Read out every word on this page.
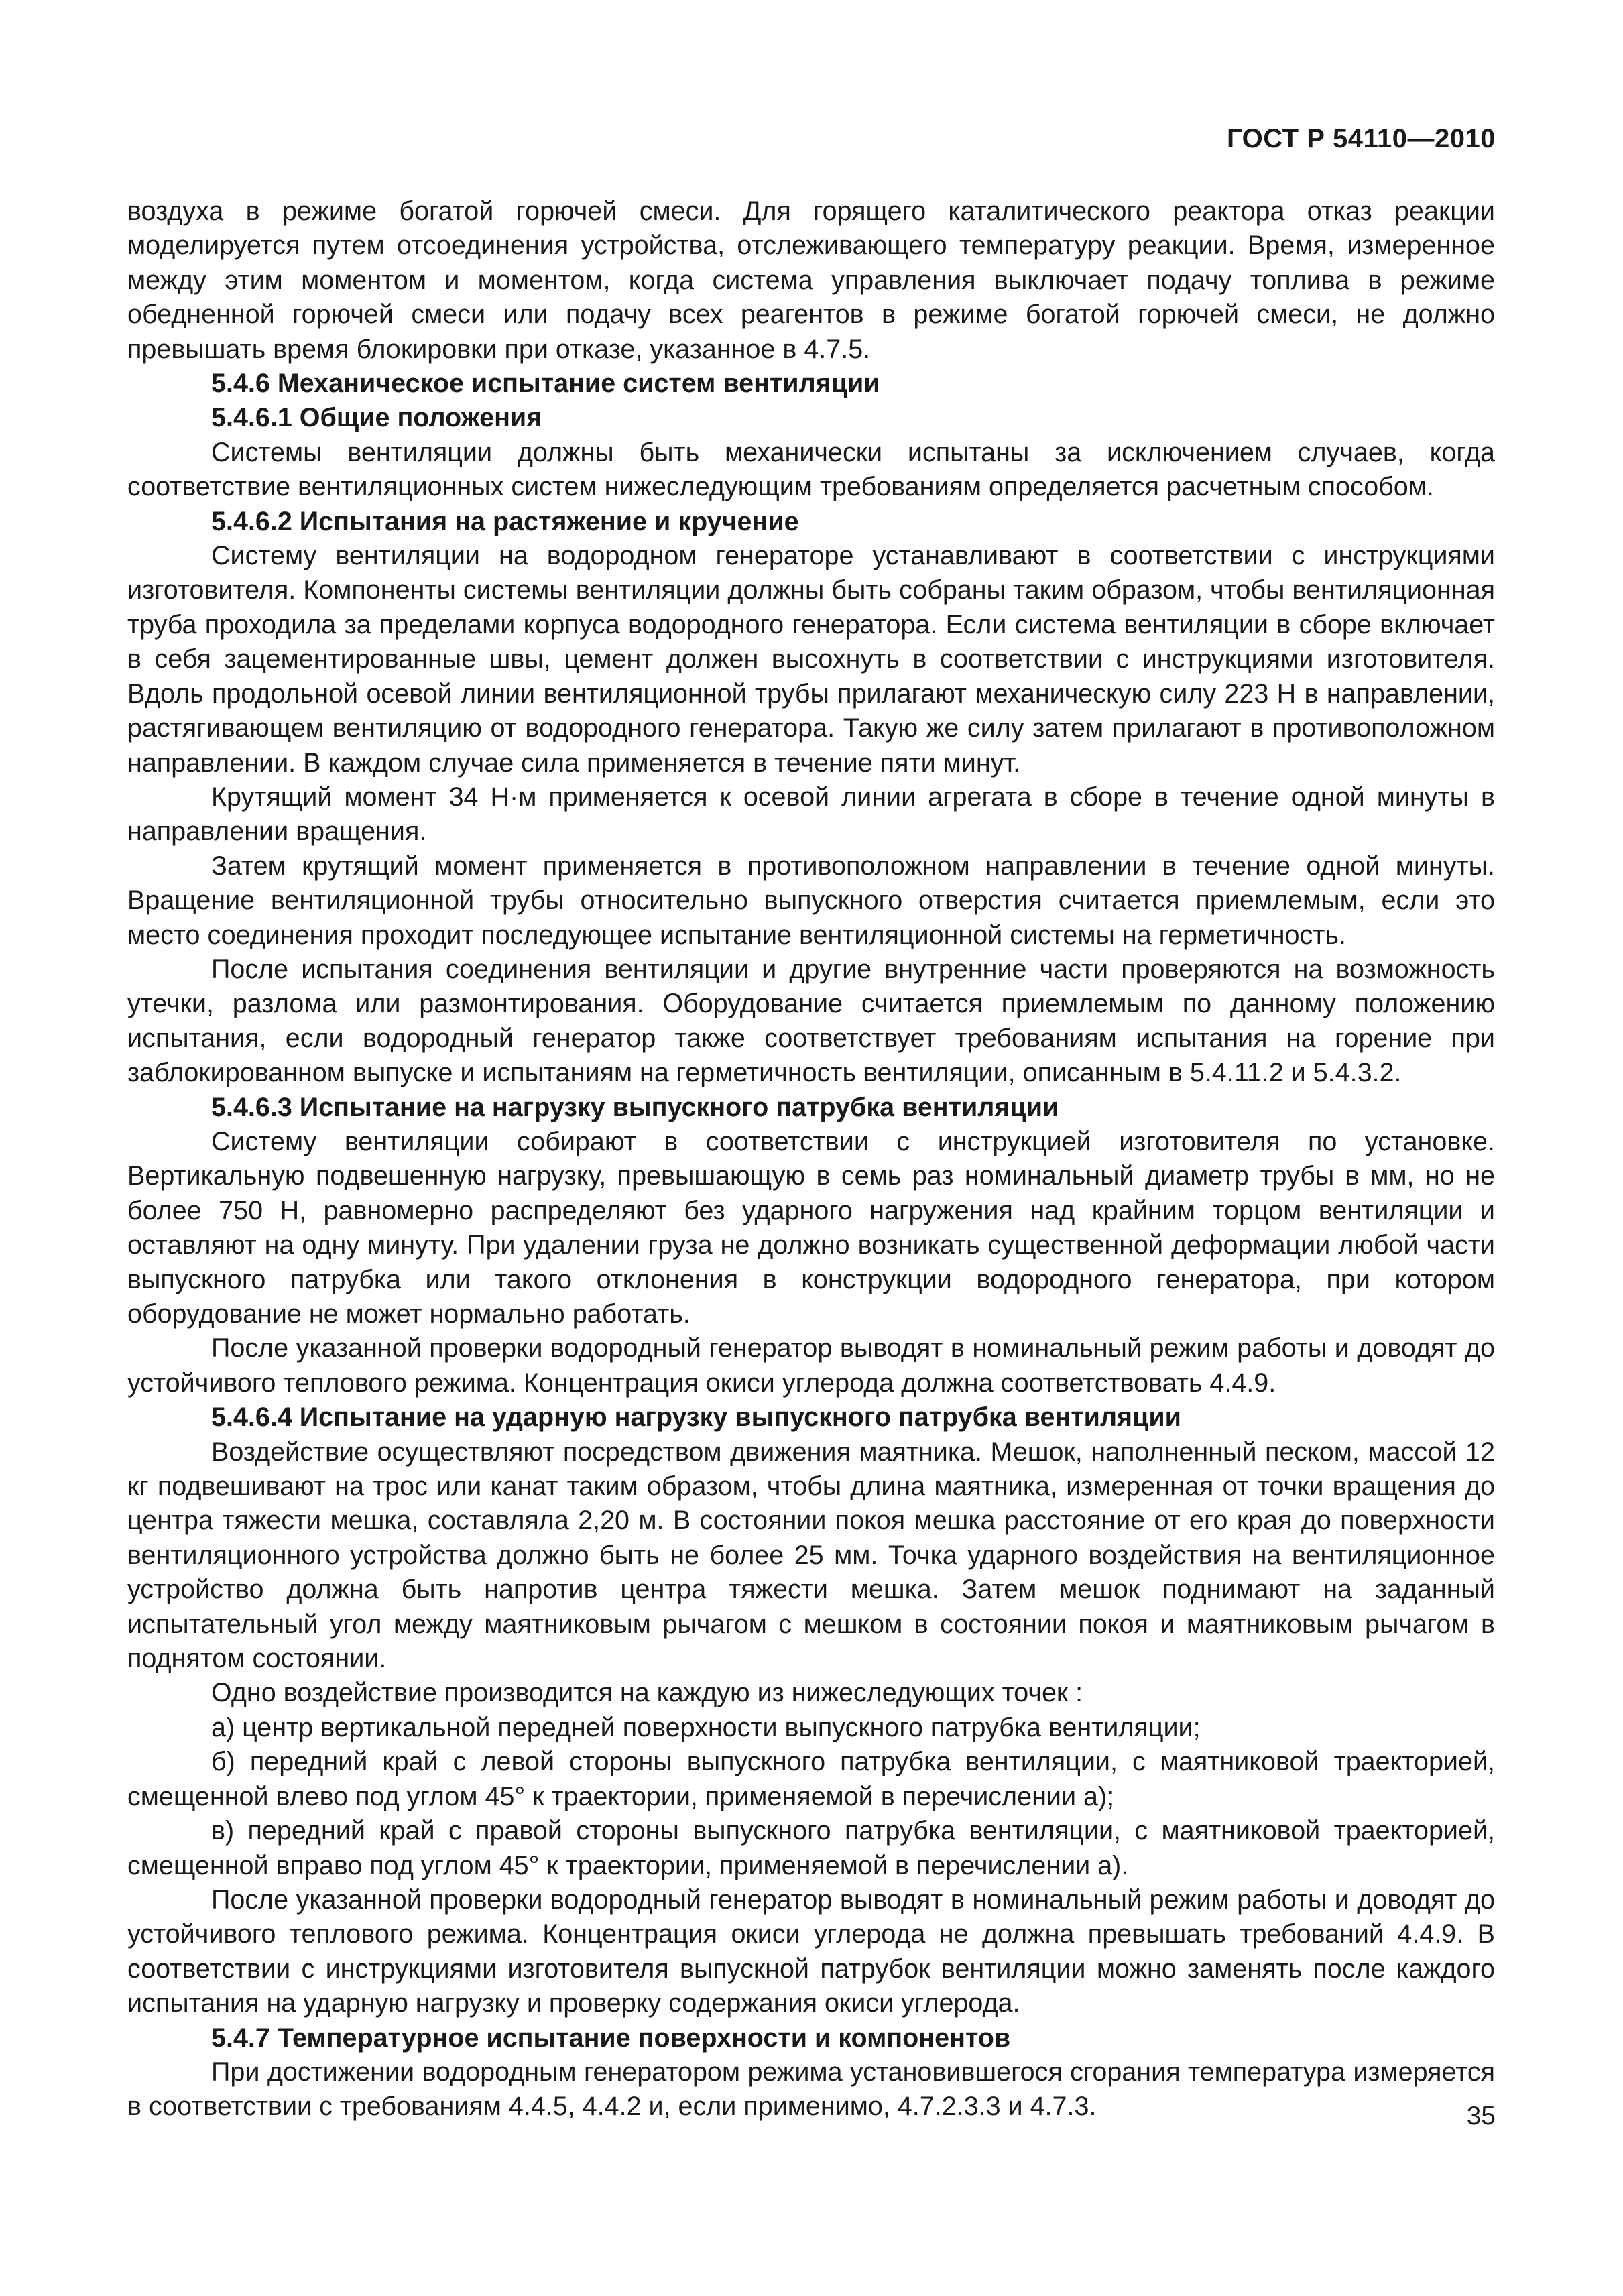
ГОСТ Р 54110—2010

воздуха в режиме богатой горючей смеси. Для горящего каталитического реактора отказ реакции моделируется путем отсоединения устройства, отслеживающего температуру реакции. Время, измеренное между этим моментом и моментом, когда система управления выключает подачу топлива в режиме обедненной горючей смеси или подачу всех реагентов в режиме богатой горючей смеси, не должно превышать время блокировки при отказе, указанное в 4.7.5.

5.4.6 Механическое испытание систем вентиляции

5.4.6.1 Общие положения

Системы вентиляции должны быть механически испытаны за исключением случаев, когда соответствие вентиляционных систем нижеследующим требованиям определяется расчетным способом.

5.4.6.2 Испытания на растяжение и кручение

Систему вентиляции на водородном генераторе устанавливают в соответствии с инструкциями изготовителя. Компоненты системы вентиляции должны быть собраны таким образом, чтобы вентиляционная труба проходила за пределами корпуса водородного генератора. Если система вентиляции в сборе включает в себя зацементированные швы, цемент должен высохнуть в соответствии с инструкциями изготовителя. Вдоль продольной осевой линии вентиляционной трубы прилагают механическую силу 223 Н в направлении, растягивающем вентиляцию от водородного генератора. Такую же силу затем прилагают в противоположном направлении. В каждом случае сила применяется в течение пяти минут.

Крутящий момент 34 Н·м применяется к осевой линии агрегата в сборе в течение одной минуты в направлении вращения.

Затем крутящий момент применяется в противоположном направлении в течение одной минуты. Вращение вентиляционной трубы относительно выпускного отверстия считается приемлемым, если это место соединения проходит последующее испытание вентиляционной системы на герметичность.

После испытания соединения вентиляции и другие внутренние части проверяются на возможность утечки, разлома или размонтирования. Оборудование считается приемлемым по данному положению испытания, если водородный генератор также соответствует требованиям испытания на горение при заблокированном выпуске и испытаниям на герметичность вентиляции, описанным в 5.4.11.2 и 5.4.3.2.

5.4.6.3 Испытание на нагрузку выпускного патрубка вентиляции

Систему вентиляции собирают в соответствии с инструкцией изготовителя по установке. Вертикальную подвешенную нагрузку, превышающую в семь раз номинальный диаметр трубы в мм, но не более 750 Н, равномерно распределяют без ударного нагружения над крайним торцом вентиляции и оставляют на одну минуту. При удалении груза не должно возникать существенной деформации любой части выпускного патрубка или такого отклонения в конструкции водородного генератора, при котором оборудование не может нормально работать.

После указанной проверки водородный генератор выводят в номинальный режим работы и доводят до устойчивого теплового режима. Концентрация окиси углерода должна соответствовать 4.4.9.

5.4.6.4 Испытание на ударную нагрузку выпускного патрубка вентиляции

Воздействие осуществляют посредством движения маятника. Мешок, наполненный песком, массой 12 кг подвешивают на трос или канат таким образом, чтобы длина маятника, измеренная от точки вращения до центра тяжести мешка, составляла 2,20 м. В состоянии покоя мешка расстояние от его края до поверхности вентиляционного устройства должно быть не более 25 мм. Точка ударного воздействия на вентиляционное устройство должна быть напротив центра тяжести мешка. Затем мешок поднимают на заданный испытательный угол между маятниковым рычагом с мешком в состоянии покоя и маятниковым рычагом в поднятом состоянии.

Одно воздействие производится на каждую из нижеследующих точек :

а) центр вертикальной передней поверхности выпускного патрубка вентиляции;

б) передний край с левой стороны выпускного патрубка вентиляции, с маятниковой траекторией, смещенной влево под углом 45° к траектории, применяемой в перечислении а);

в) передний край с правой стороны выпускного патрубка вентиляции, с маятниковой траекторией, смещенной вправо под углом 45° к траектории, применяемой в перечислении а).

После указанной проверки водородный генератор выводят в номинальный режим работы и доводят до устойчивого теплового режима. Концентрация окиси углерода не должна превышать требований 4.4.9. В соответствии с инструкциями изготовителя выпускной патрубок вентиляции можно заменять после каждого испытания на ударную нагрузку и проверку содержания окиси углерода.

5.4.7 Температурное испытание поверхности и компонентов

При достижении водородным генератором режима установившегося сгорания температура измеряется в соответствии с требованиям 4.4.5, 4.4.2 и, если применимо, 4.7.2.3.3 и 4.7.3.	35
